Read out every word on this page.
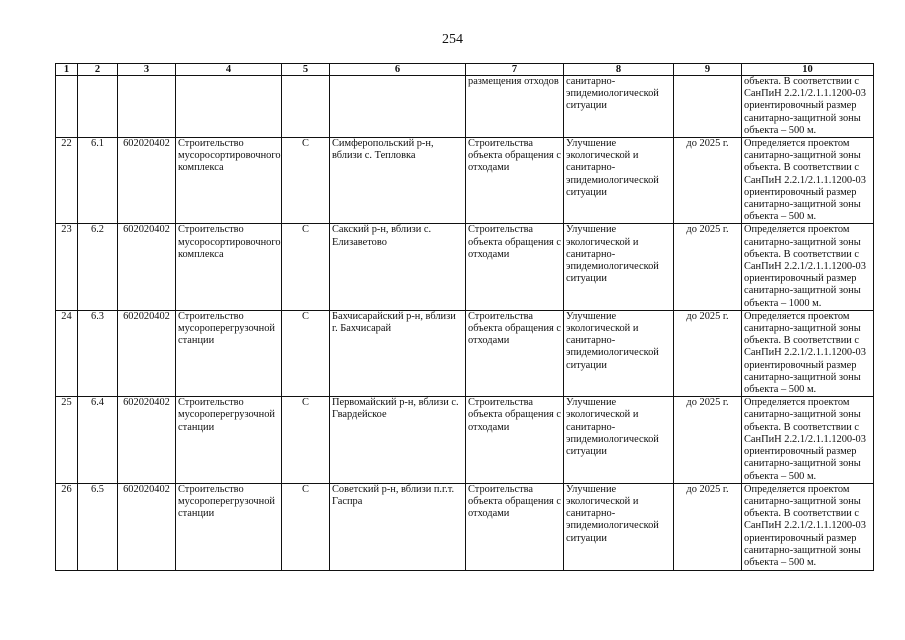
254
1	2	3	4	5	6	7	8	9	10
						размещения отходов	санитарно-эпидемиологической ситуации		объекта. В соответствии с СанПиН 2.2.1/2.1.1.1200-03 ориентировочный размер санитарно-защитной зоны объекта – 500 м.
22	6.1	602020402	Строительство мусоросортировочного комплекса	С	Симферопольский р-н, вблизи с. Тепловка	Строительства объекта обращения с отходами	Улучшение экологической и санитарно-эпидемиологической ситуации	до 2025 г.	Определяется проектом санитарно-защитной зоны объекта. В соответствии с СанПиН 2.2.1/2.1.1.1200-03 ориентировочный размер санитарно-защитной зоны объекта – 500 м.
23	6.2	602020402	Строительство мусоросортировочного комплекса	С	Сакский р-н, вблизи с. Елизаветово	Строительства объекта обращения с отходами	Улучшение экологической и санитарно-эпидемиологической ситуации	до 2025 г.	Определяется проектом санитарно-защитной зоны объекта. В соответствии с СанПиН 2.2.1/2.1.1.1200-03 ориентировочный размер санитарно-защитной зоны объекта – 1000 м.
24	6.3	602020402	Строительство мусороперегрузочной станции	С	Бахчисарайский р-н, вблизи г. Бахчисарай	Строительства объекта обращения с отходами	Улучшение экологической и санитарно-эпидемиологической ситуации	до 2025 г.	Определяется проектом санитарно-защитной зоны объекта. В соответствии с СанПиН 2.2.1/2.1.1.1200-03 ориентировочный размер санитарно-защитной зоны объекта – 500 м.
25	6.4	602020402	Строительство мусороперегрузочной станции	С	Первомайский р-н, вблизи с. Гвардейское	Строительства объекта обращения с отходами	Улучшение экологической и санитарно-эпидемиологической ситуации	до 2025 г.	Определяется проектом санитарно-защитной зоны объекта. В соответствии с СанПиН 2.2.1/2.1.1.1200-03 ориентировочный размер санитарно-защитной зоны объекта – 500 м.
26	6.5	602020402	Строительство мусороперегрузочной станции	С	Советский р-н, вблизи п.г.т. Гаспра	Строительства объекта обращения с отходами	Улучшение экологической и санитарно-эпидемиологической ситуации	до 2025 г.	Определяется проектом санитарно-защитной зоны объекта. В соответствии с СанПиН 2.2.1/2.1.1.1200-03 ориентировочный размер санитарно-защитной зоны объекта – 500 м.
